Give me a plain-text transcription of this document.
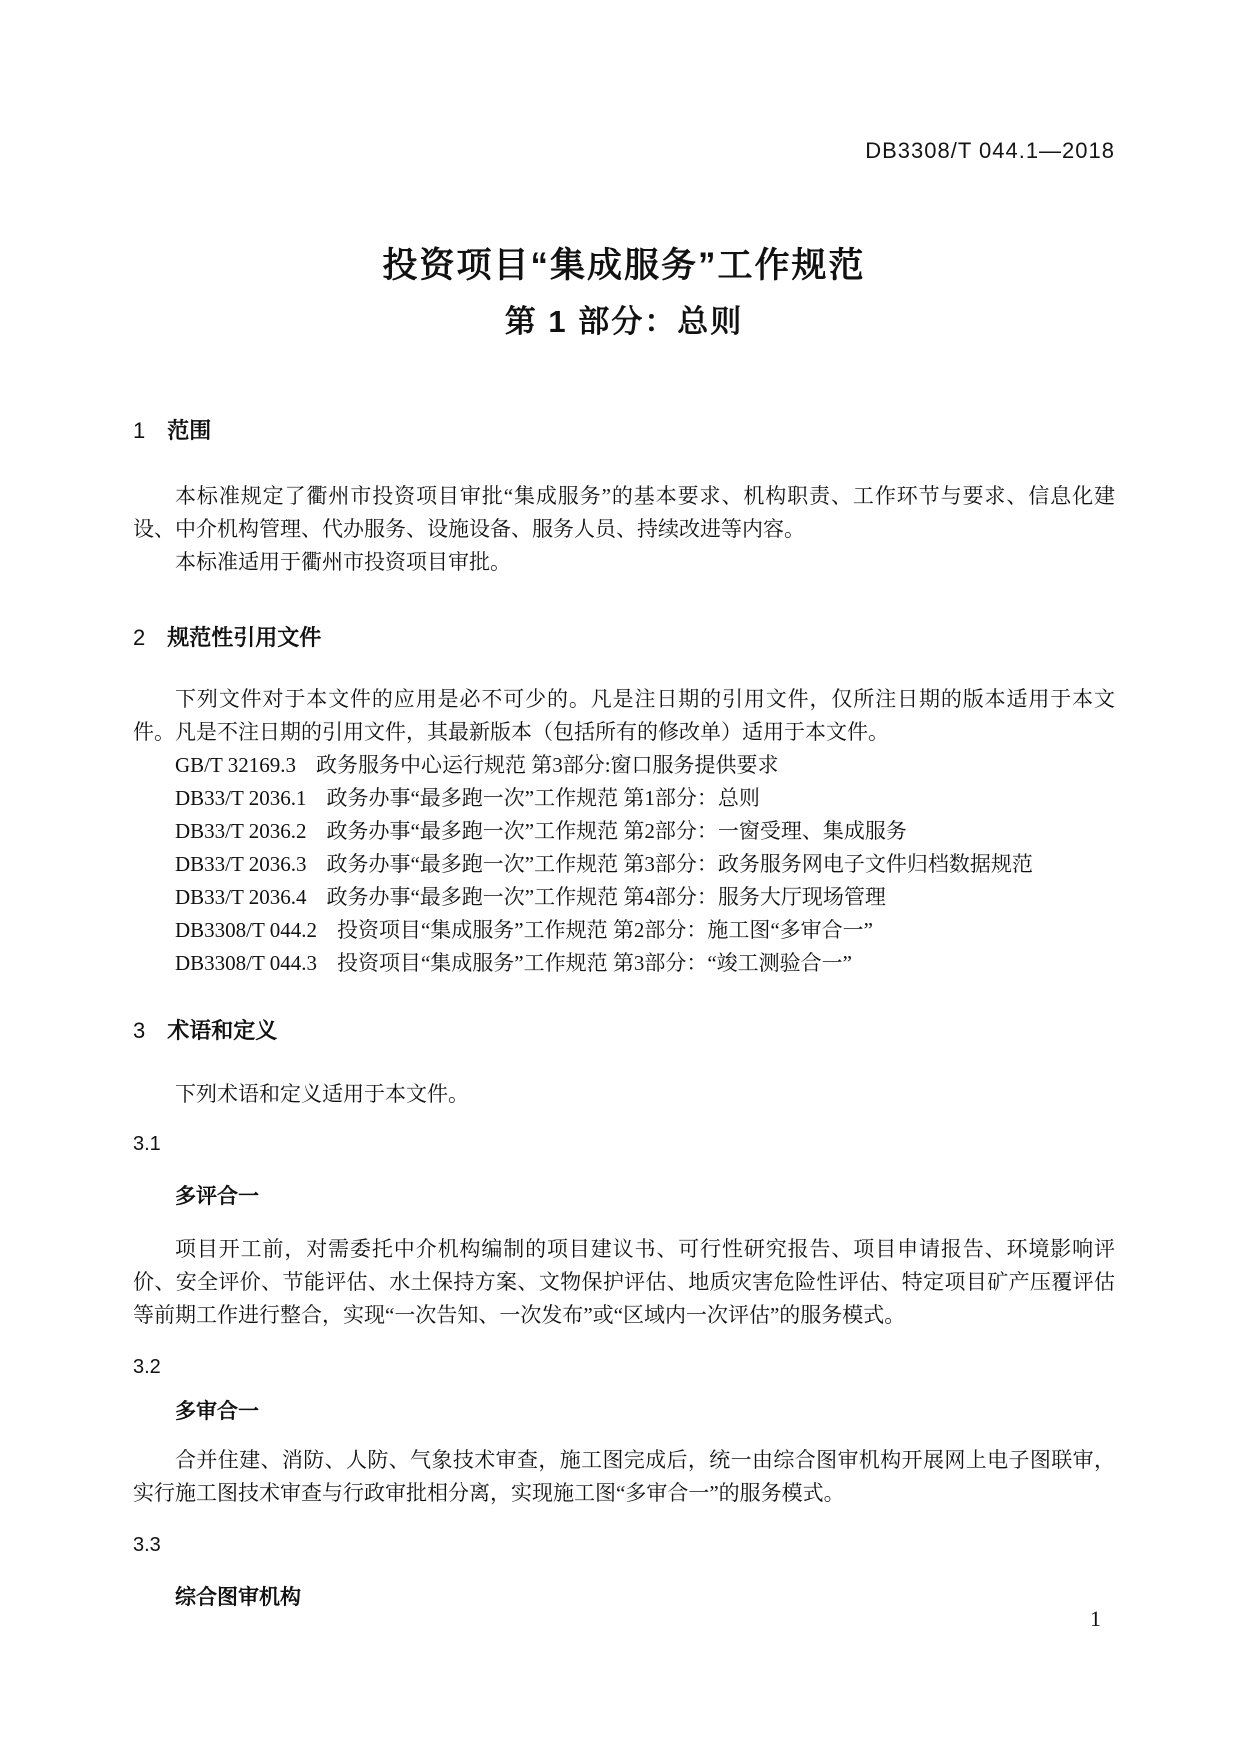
DB3308/T 044.1—2018
投资项目“集成服务”工作规范
第 1 部分：总则
1 范围

本标准规定了衢州市投资项目审批“集成服务”的基本要求、机构职责、工作环节与要求、信息化建设、中介机构管理、代办服务、设施设备、服务人员、持续改进等内容。

本标准适用于衢州市投资项目审批。

2 规范性引用文件

下列文件对于本文件的应用是必不可少的。凡是注日期的引用文件，仅所注日期的版本适用于本文件。凡是不注日期的引用文件，其最新版本（包括所有的修改单）适用于本文件。

GB/T 32169.3 政务服务中心运行规范 第3部分:窗口服务提供要求
DB33/T 2036.1 政务办事“最多跑一次”工作规范 第1部分：总则
DB33/T 2036.2 政务办事“最多跑一次”工作规范 第2部分：一窗受理、集成服务
DB33/T 2036.3 政务办事“最多跑一次”工作规范 第3部分：政务服务网电子文件归档数据规范
DB33/T 2036.4 政务办事“最多跑一次”工作规范 第4部分：服务大厅现场管理
DB3308/T 044.2 投资项目“集成服务”工作规范 第2部分：施工图“多审合一”
DB3308/T 044.3 投资项目“集成服务”工作规范 第3部分：“竣工测验合一”
3 术语和定义

下列术语和定义适用于本文件。

3.1
多评合一

项目开工前，对需委托中介机构编制的项目建议书、可行性研究报告、项目申请报告、环境影响评价、安全评价、节能评估、水土保持方案、文物保护评估、地质灾害危险性评估、特定项目矿产压覆评估等前期工作进行整合，实现“一次告知、一次发布”或“区域内一次评估”的服务模式。

3.2
多审合一

合并住建、消防、人防、气象技术审查，施工图完成后，统一由综合图审机构开展网上电子图联审，实行施工图技术审查与行政审批相分离，实现施工图“多审合一”的服务模式。

3.3
综合图审机构
1
